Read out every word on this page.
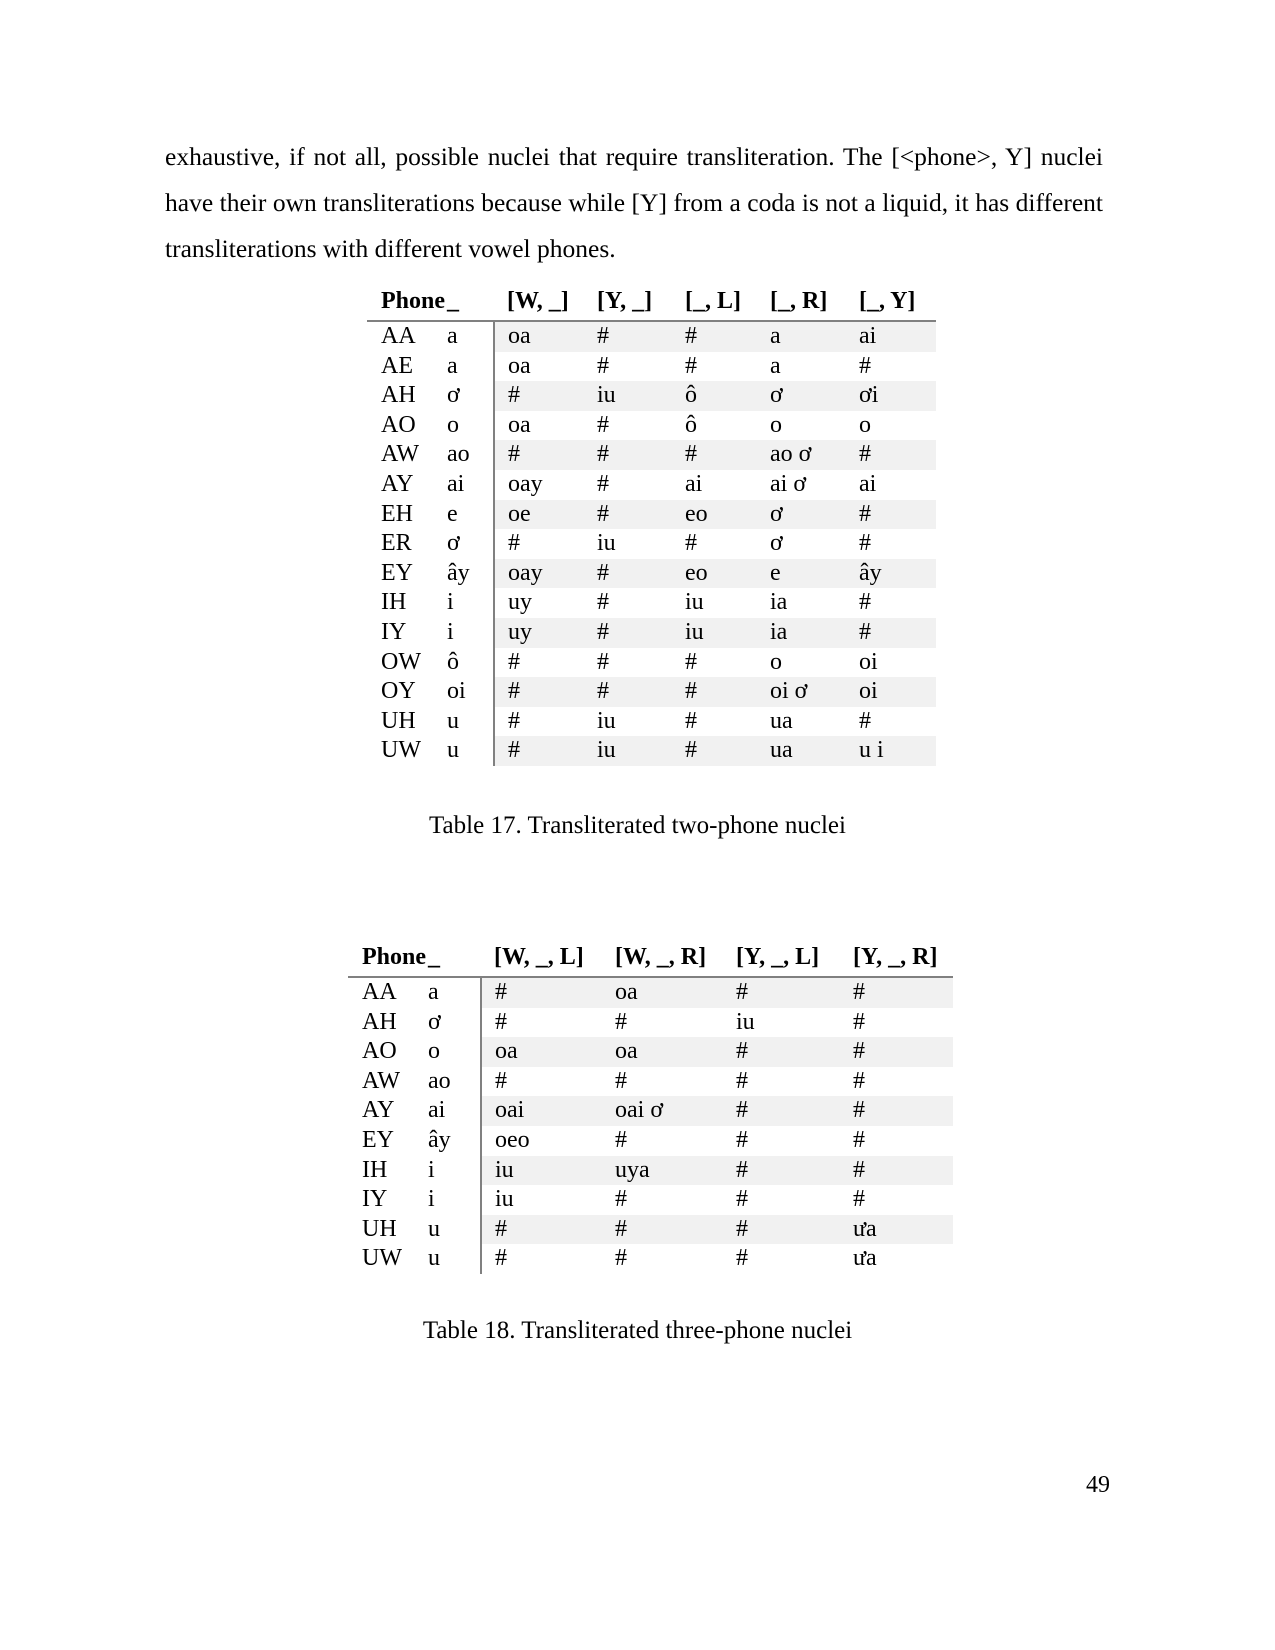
exhaustive, if not all, possible nuclei that require transliteration. The [<phone>, Y] nuclei have their own transliterations because while [Y] from a coda is not a liquid, it has different transliterations with different vowel phones.

Phone	_	[W, _]	[Y, _]	[_, L]	[_, R]	[_, Y]
AA	a	oa	#	#	a	ai
AE	a	oa	#	#	a	#
AH	ơ	#	iu	ô	ơ	ơi
AO	o	oa	#	ô	o	o
AW	ao	#	#	#	ao ơ	#
AY	ai	oay	#	ai	ai ơ	ai
EH	e	oe	#	eo	ơ	#
ER	ơ	#	iu	#	ơ	#
EY	ây	oay	#	eo	e	ây
IH	i	uy	#	iu	ia	#
IY	i	uy	#	iu	ia	#
OW	ô	#	#	#	o	oi
OY	oi	#	#	#	oi ơ	oi
UH	u	#	iu	#	ua	#
UW	u	#	iu	#	ua	u i
Table 17. Transliterated two-phone nuclei
Phone	_	[W, _, L]	[W, _, R]	[Y, _, L]	[Y, _, R]
AA	a	#	oa	#	#
AH	ơ	#	#	iu	#
AO	o	oa	oa	#	#
AW	ao	#	#	#	#
AY	ai	oai	oai ơ	#	#
EY	ây	oeo	#	#	#
IH	i	iu	uya	#	#
IY	i	iu	#	#	#
UH	u	#	#	#	ưa
UW	u	#	#	#	ưa
Table 18. Transliterated three-phone nuclei
49
